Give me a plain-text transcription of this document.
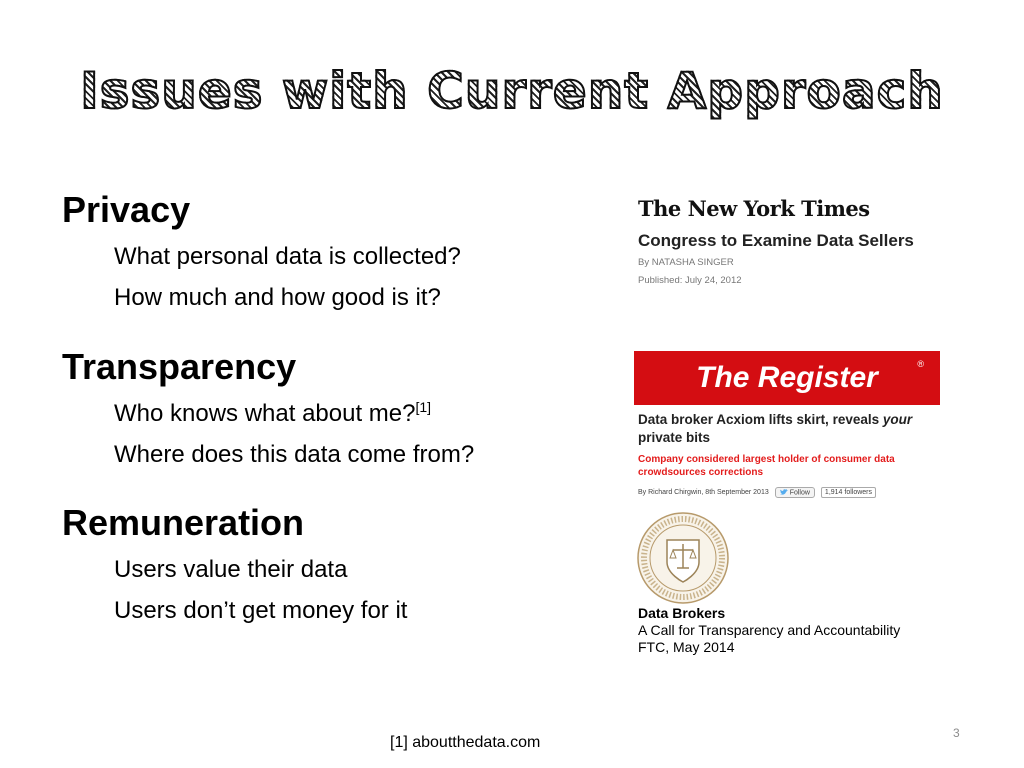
Issues with Current Approach
Privacy
What personal data is collected?
How much and how good is it?
Transparency
Who knows what about me?[1]
Where does this data come from?
Remuneration
Users value their data
Users don’t get money for it
The New York Times
Congress to Examine Data Sellers
By NATASHA SINGER
Published: July 24, 2012
The Register	®
Data broker Acxiom lifts skirt, reveals your private bits
Company considered largest holder of consumer data crowdsources corrections
By Richard Chirgwin, 8th September 2013	Follow	1,914 followers
Data Brokers
A Call for Transparency and Accountability
FTC, May 2014
[1] aboutthedata.com
3
